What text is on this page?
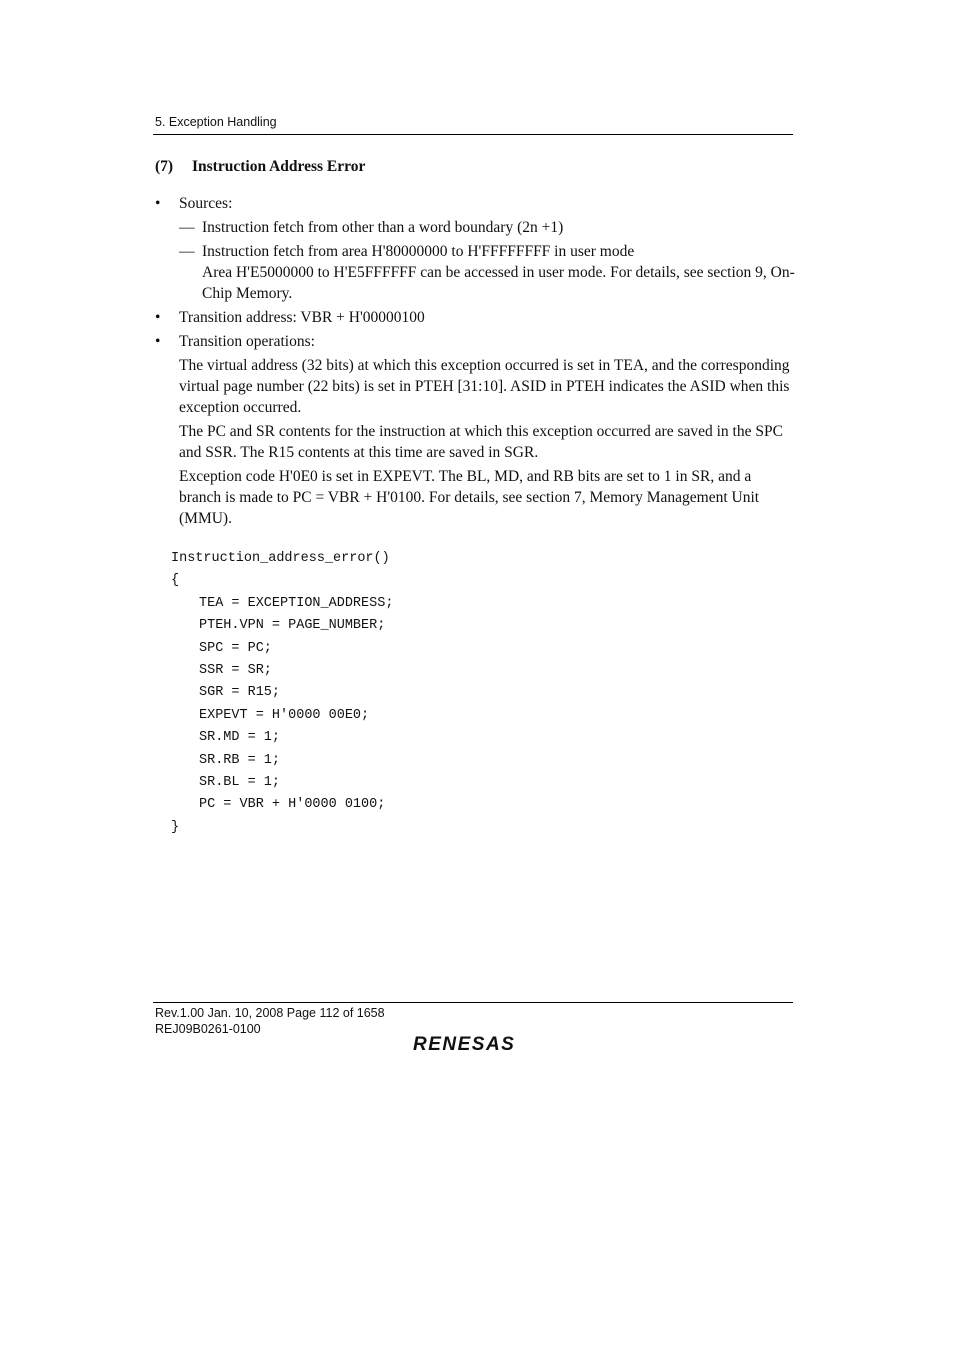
5. Exception Handling
(7) Instruction Address Error
•	Sources:
— Instruction fetch from other than a word boundary (2n +1)
— Instruction fetch from area H'80000000 to H'FFFFFFFF in user mode
Area H'E5000000 to H'E5FFFFFF can be accessed in user mode. For details, see section 9, On-Chip Memory.
•	Transition address: VBR + H'00000100
•	Transition operations:
The virtual address (32 bits) at which this exception occurred is set in TEA, and the corresponding virtual page number (22 bits) is set in PTEH [31:10]. ASID in PTEH indicates the ASID when this exception occurred.
The PC and SR contents for the instruction at which this exception occurred are saved in the SPC and SSR. The R15 contents at this time are saved in SGR.
Exception code H'0E0 is set in EXPEVT. The BL, MD, and RB bits are set to 1 in SR, and a branch is made to PC = VBR + H'0100. For details, see section 7, Memory Management Unit (MMU).
Instruction_address_error()
{
TEA = EXCEPTION_ADDRESS;
PTEH.VPN = PAGE_NUMBER;
SPC = PC;
SSR = SR;
SGR = R15;
EXPEVT = H'0000 00E0;
SR.MD = 1;
SR.RB = 1;
SR.BL = 1;
PC = VBR + H'0000 0100;
}
Rev.1.00 Jan. 10, 2008 Page 112 of 1658
REJ09B0261-0100
RENESAS
